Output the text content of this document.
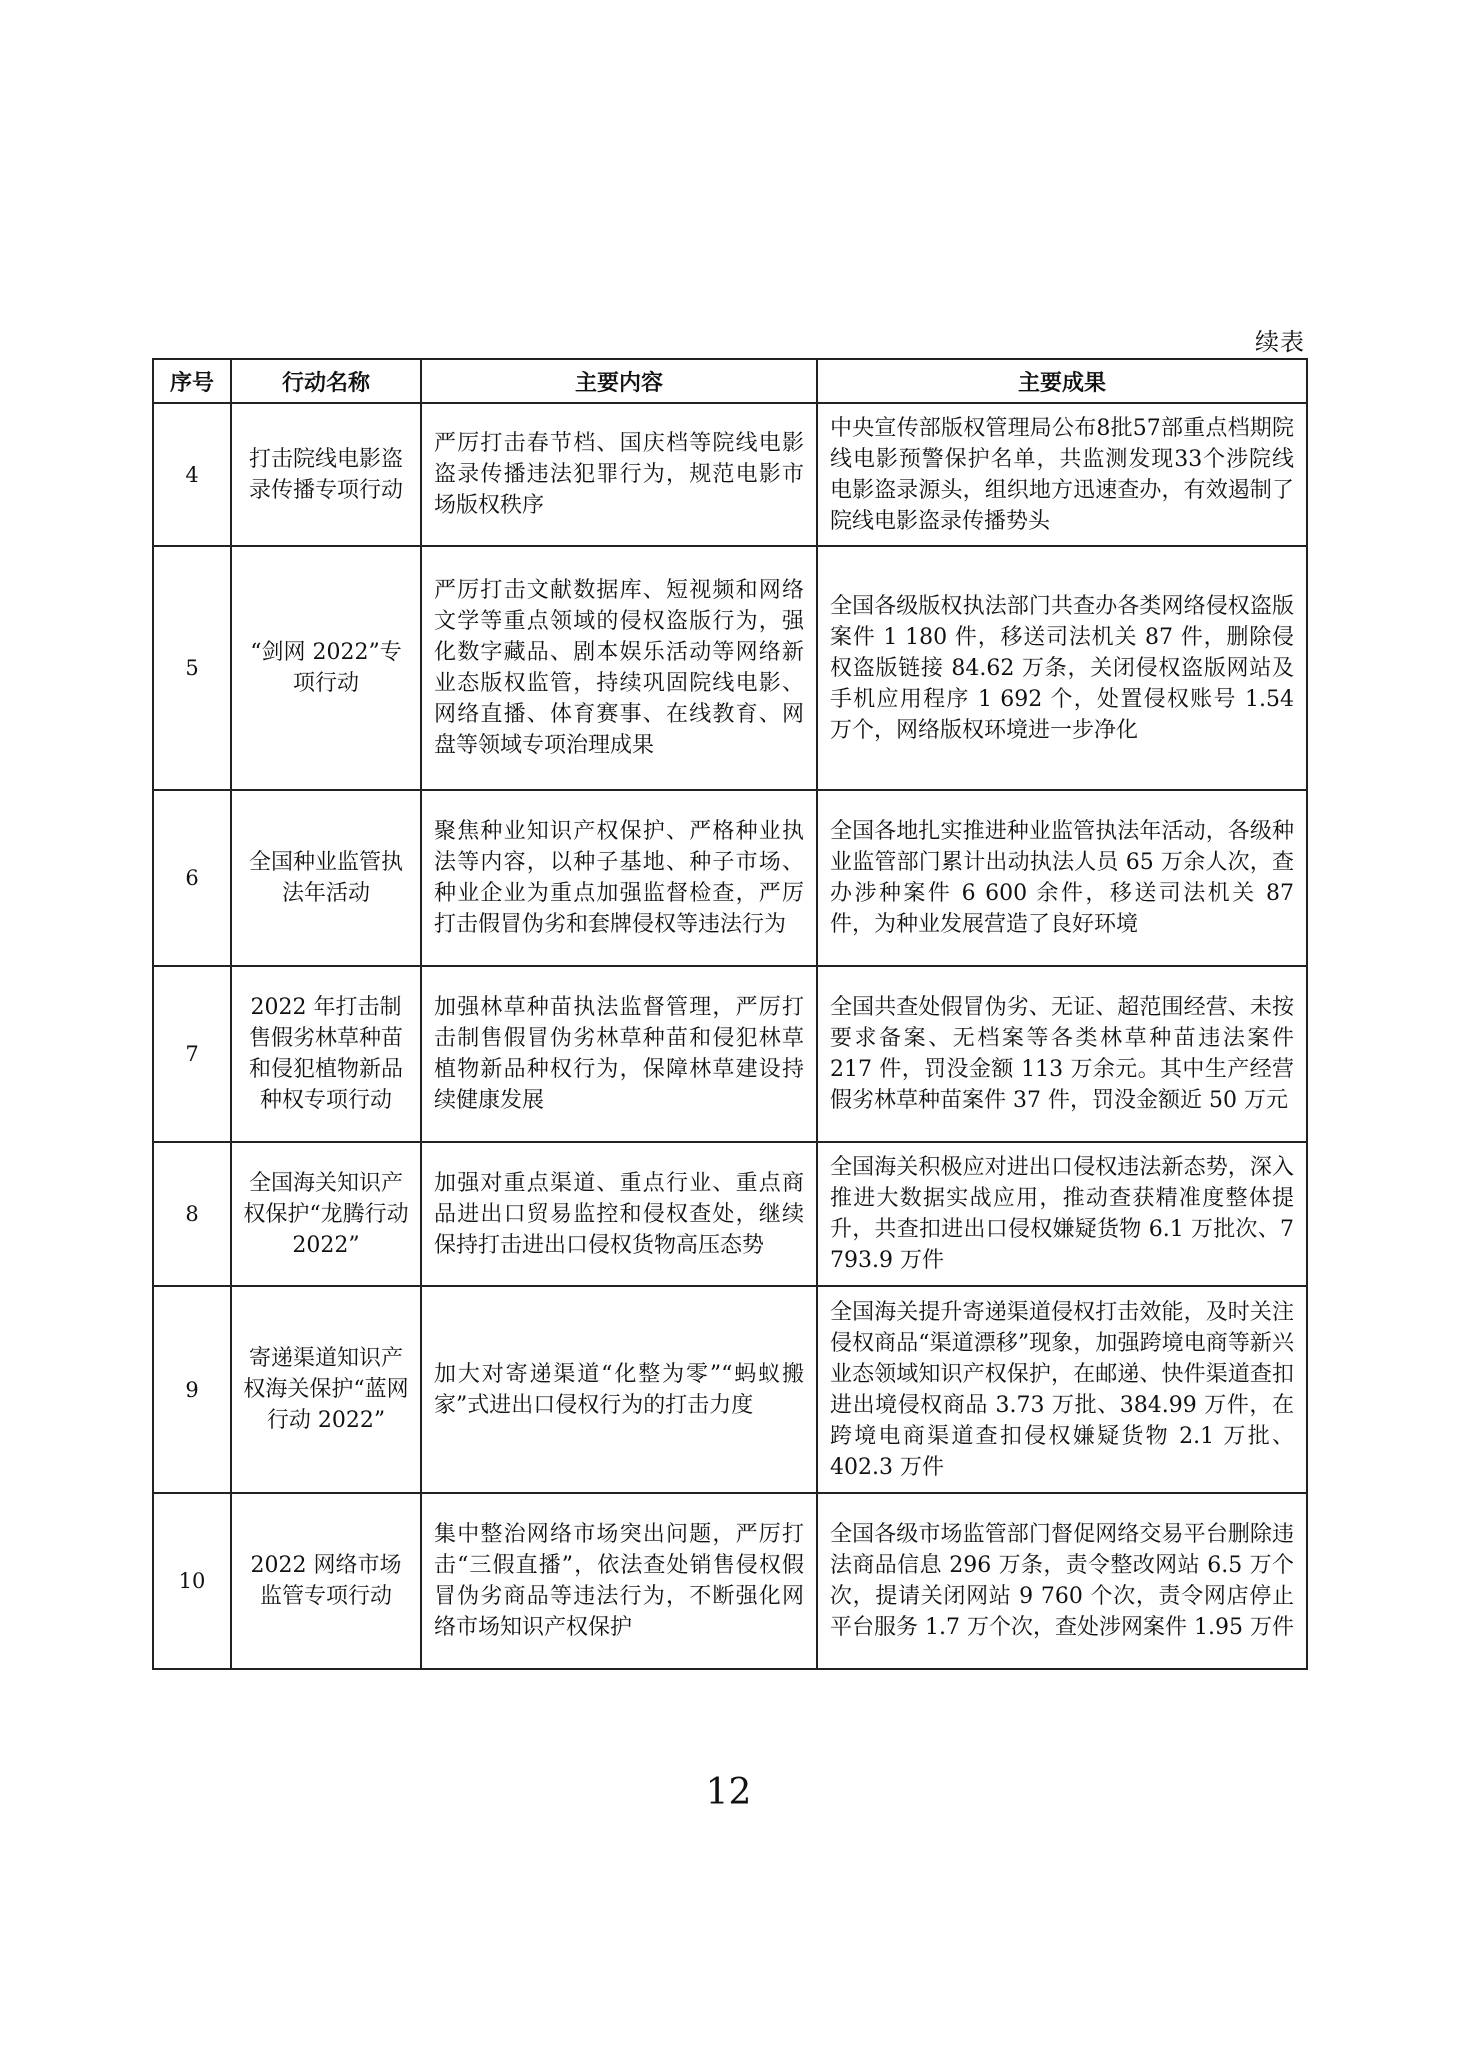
续表
序号	行动名称	主要内容	主要成果
4	打击院线电影盗录传播专项行动	严厉打击春节档、国庆档等院线电影盗录传播违法犯罪行为，规范电影市场版权秩序	中央宣传部版权管理局公布8批57部重点档期院线电影预警保护名单，共监测发现33个涉院线电影盗录源头，组织地方迅速查办，有效遏制了院线电影盗录传播势头
5	“剑网 2022”专项行动	严厉打击文献数据库、短视频和网络文学等重点领域的侵权盗版行为，强化数字藏品、剧本娱乐活动等网络新业态版权监管，持续巩固院线电影、网络直播、体育赛事、在线教育、网盘等领域专项治理成果	全国各级版权执法部门共查办各类网络侵权盗版案件 1 180 件，移送司法机关 87 件，删除侵权盗版链接 84.62 万条，关闭侵权盗版网站及手机应用程序 1 692 个，处置侵权账号 1.54 万个，网络版权环境进一步净化
6	全国种业监管执法年活动	聚焦种业知识产权保护、严格种业执法等内容，以种子基地、种子市场、种业企业为重点加强监督检查，严厉打击假冒伪劣和套牌侵权等违法行为	全国各地扎实推进种业监管执法年活动，各级种业监管部门累计出动执法人员 65 万余人次，查办涉种案件 6 600 余件，移送司法机关 87 件，为种业发展营造了良好环境
7	2022 年打击制售假劣林草种苗和侵犯植物新品种权专项行动	加强林草种苗执法监督管理，严厉打击制售假冒伪劣林草种苗和侵犯林草植物新品种权行为，保障林草建设持续健康发展	全国共查处假冒伪劣、无证、超范围经营、未按要求备案、无档案等各类林草种苗违法案件 217 件，罚没金额 113 万余元。其中生产经营假劣林草种苗案件 37 件，罚没金额近 50 万元
8	全国海关知识产权保护“龙腾行动 2022”	加强对重点渠道、重点行业、重点商品进出口贸易监控和侵权查处，继续保持打击进出口侵权货物高压态势	全国海关积极应对进出口侵权违法新态势，深入推进大数据实战应用，推动查获精准度整体提升，共查扣进出口侵权嫌疑货物 6.1 万批次、7 793.9 万件
9	寄递渠道知识产权海关保护“蓝网行动 2022”	加大对寄递渠道“化整为零”“蚂蚁搬家”式进出口侵权行为的打击力度	全国海关提升寄递渠道侵权打击效能，及时关注侵权商品“渠道漂移”现象，加强跨境电商等新兴业态领域知识产权保护，在邮递、快件渠道查扣进出境侵权商品 3.73 万批、384.99 万件，在跨境电商渠道查扣侵权嫌疑货物 2.1 万批、402.3 万件
10	2022 网络市场监管专项行动	集中整治网络市场突出问题，严厉打击“三假直播”，依法查处销售侵权假冒伪劣商品等违法行为，不断强化网络市场知识产权保护	全国各级市场监管部门督促网络交易平台删除违法商品信息 296 万条，责令整改网站 6.5 万个次，提请关闭网站 9 760 个次，责令网店停止平台服务 1.7 万个次，查处涉网案件 1.95 万件
12
